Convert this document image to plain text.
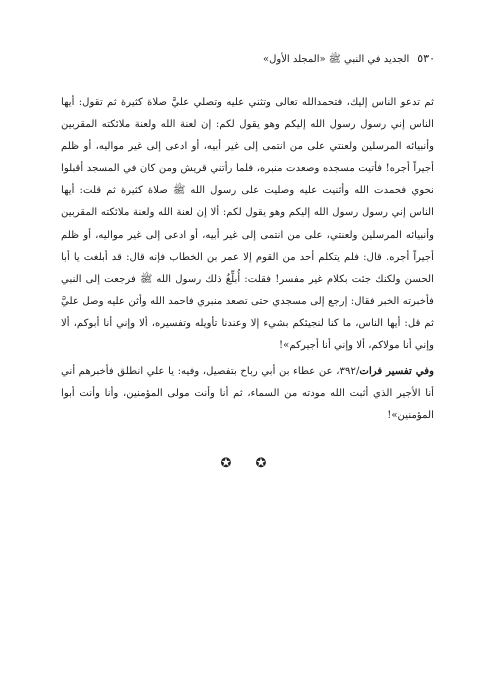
٥٣٠
الجديد في النبي ﷺ «المجلد الأول»

ثم تدعو الناس إليك، فتحمدالله تعالى وتثني عليه وتصلي عليَّ صلاة كثيرة ثم تقول: أيها الناس إني رسول رسول الله إليكم وهو يقول لكم: إن لعنة الله ولعنة ملائكته المقربين وأنبيائه المرسلين ولعنتي على من انتمى إلى غير أبيه، أو ادعى إلى غير مواليه، أو ظلم أجيراً أجره! فأتيت مسجده وصعدت منبره، فلما رأتني قريش ومن كان في المسجد أقبلوا نحوي فحمدت الله وأثنيت عليه وصليت على رسول الله ﷺ صلاة كثيرة ثم قلت: أيها الناس إني رسول رسول الله إليكم وهو يقول لكم: ألا إن لعنة الله ولعنة ملائكته المقربين وأنبيائه المرسلين ولعنتي، على من انتمى إلى غير أبيه، أو ادعى إلى غير مواليه، أو ظلم أجيراً أجره. قال: فلم يتكلم أحد من القوم إلا عمر بن الخطاب فإنه قال: قد أبلغت يا أبا الحسن ولكنك جئت بكلام غير مفسر! فقلت: أُبلِّغُ ذلك رسول الله ﷺ فرجعت إلى النبي فأخبرته الخبر فقال: إرجع إلى مسجدي حتى تصعد منبري فاحمد الله وأثن عليه وصل عليَّ ثم قل: أيها الناس، ما كنا لنجيئكم بشيء إلا وعندنا تأويله وتفسيره، ألا وإني أنا أبوكم، ألا وإني أنا مولاكم، ألا وإني أنا أجيركم»!

وفي تفسير فرات/٣٩٢، عن عطاء بن أبي رباح بتفصيل، وفيه: يا علي انطلق فأخبرهم أني أنا الأجير الذي أثبت الله مودته من السماء، ثم أنا وأنت مولى المؤمنين، وأنا وأنت أبوا المؤمنين»!

✪ ✪
